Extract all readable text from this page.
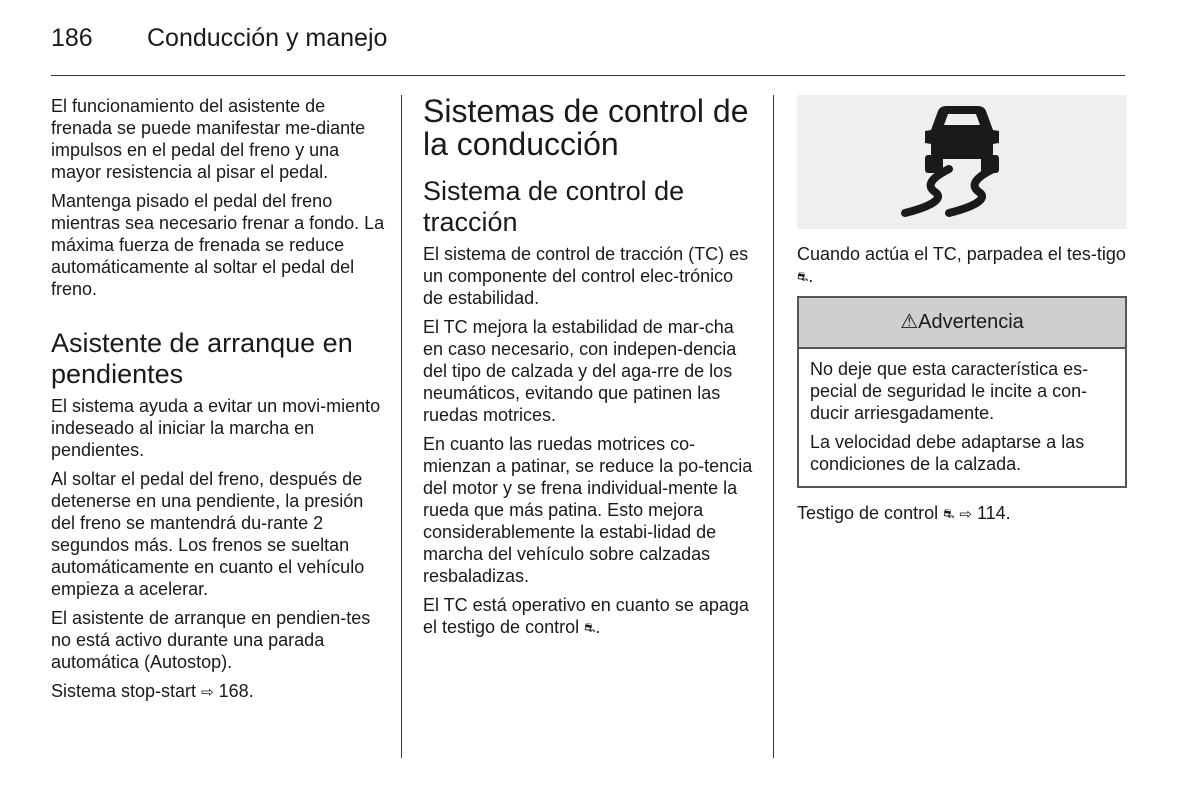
186 Conducción y manejo

El funcionamiento del asistente de frenada se puede manifestar me-diante impulsos en el pedal del freno y una mayor resistencia al pisar el pedal.

Mantenga pisado el pedal del freno mientras sea necesario frenar a fondo. La máxima fuerza de frenada se reduce automáticamente al soltar el pedal del freno.

Asistente de arranque en pendientes

El sistema ayuda a evitar un movi-miento indeseado al iniciar la marcha en pendientes.

Al soltar el pedal del freno, después de detenerse en una pendiente, la presión del freno se mantendrá du-rante 2 segundos más. Los frenos se sueltan automáticamente en cuanto el vehículo empieza a acelerar.

El asistente de arranque en pendien-tes no está activo durante una parada automática (Autostop).

Sistema stop-start ⇨ 168.

Sistemas de control de la conducción
Sistema de control de tracción

El sistema de control de tracción (TC) es un componente del control elec-trónico de estabilidad.

El TC mejora la estabilidad de mar-cha en caso necesario, con indepen-dencia del tipo de calzada y del aga-rre de los neumáticos, evitando que patinen las ruedas motrices.

En cuanto las ruedas motrices co-mienzan a patinar, se reduce la po-tencia del motor y se frena individual-mente la rueda que más patina. Esto mejora considerablemente la estabi-lidad de marcha del vehículo sobre calzadas resbaladizas.

El TC está operativo en cuanto se apaga el testigo de control ⛐.

Cuando actúa el TC, parpadea el tes-tigo ⛐.

⚠Advertencia

No deje que esta característica es-pecial de seguridad le incite a con-ducir arriesgadamente.

La velocidad debe adaptarse a las condiciones de la calzada.

Testigo de control ⛐ ⇨ 114.
